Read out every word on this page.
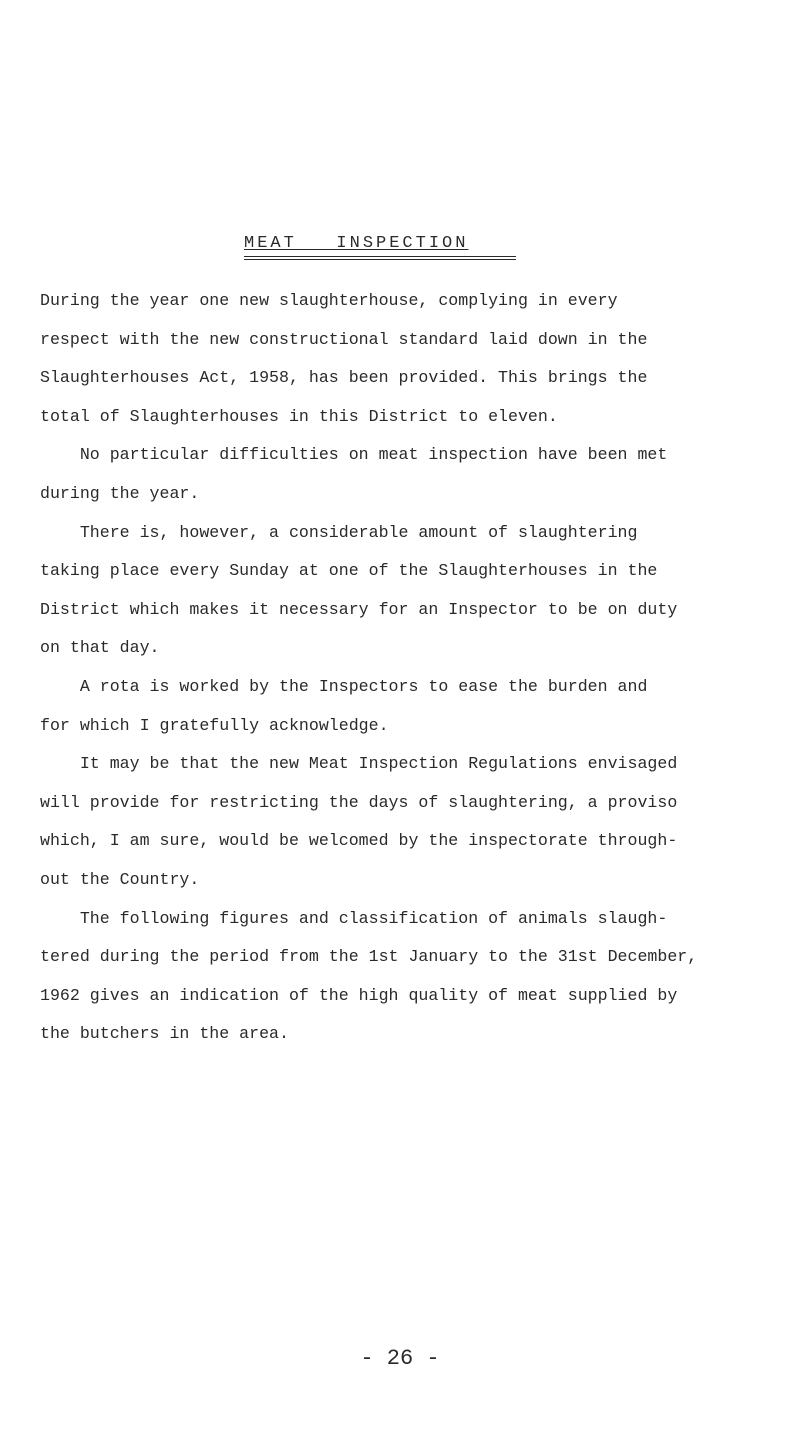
MEAT   INSPECTION
During the year one new slaughterhouse, complying in every
respect with the new constructional standard laid down in the
Slaughterhouses Act, 1958, has been provided. This brings the
total of Slaughterhouses in this District to eleven.
No particular difficulties on meat inspection have been met
during the year.
There is, however, a considerable amount of slaughtering
taking place every Sunday at one of the Slaughterhouses in the
District which makes it necessary for an Inspector to be on duty
on that day.
A rota is worked by the Inspectors to ease the burden and
for which I gratefully acknowledge.
It may be that the new Meat Inspection Regulations envisaged
will provide for restricting the days of slaughtering, a proviso
which, I am sure, would be welcomed by the inspectorate through-
out the Country.
The following figures and classification of animals slaugh-
tered during the period from the 1st January to the 31st December,
1962 gives an indication of the high quality of meat supplied by
the butchers in the area.
- 26 -
